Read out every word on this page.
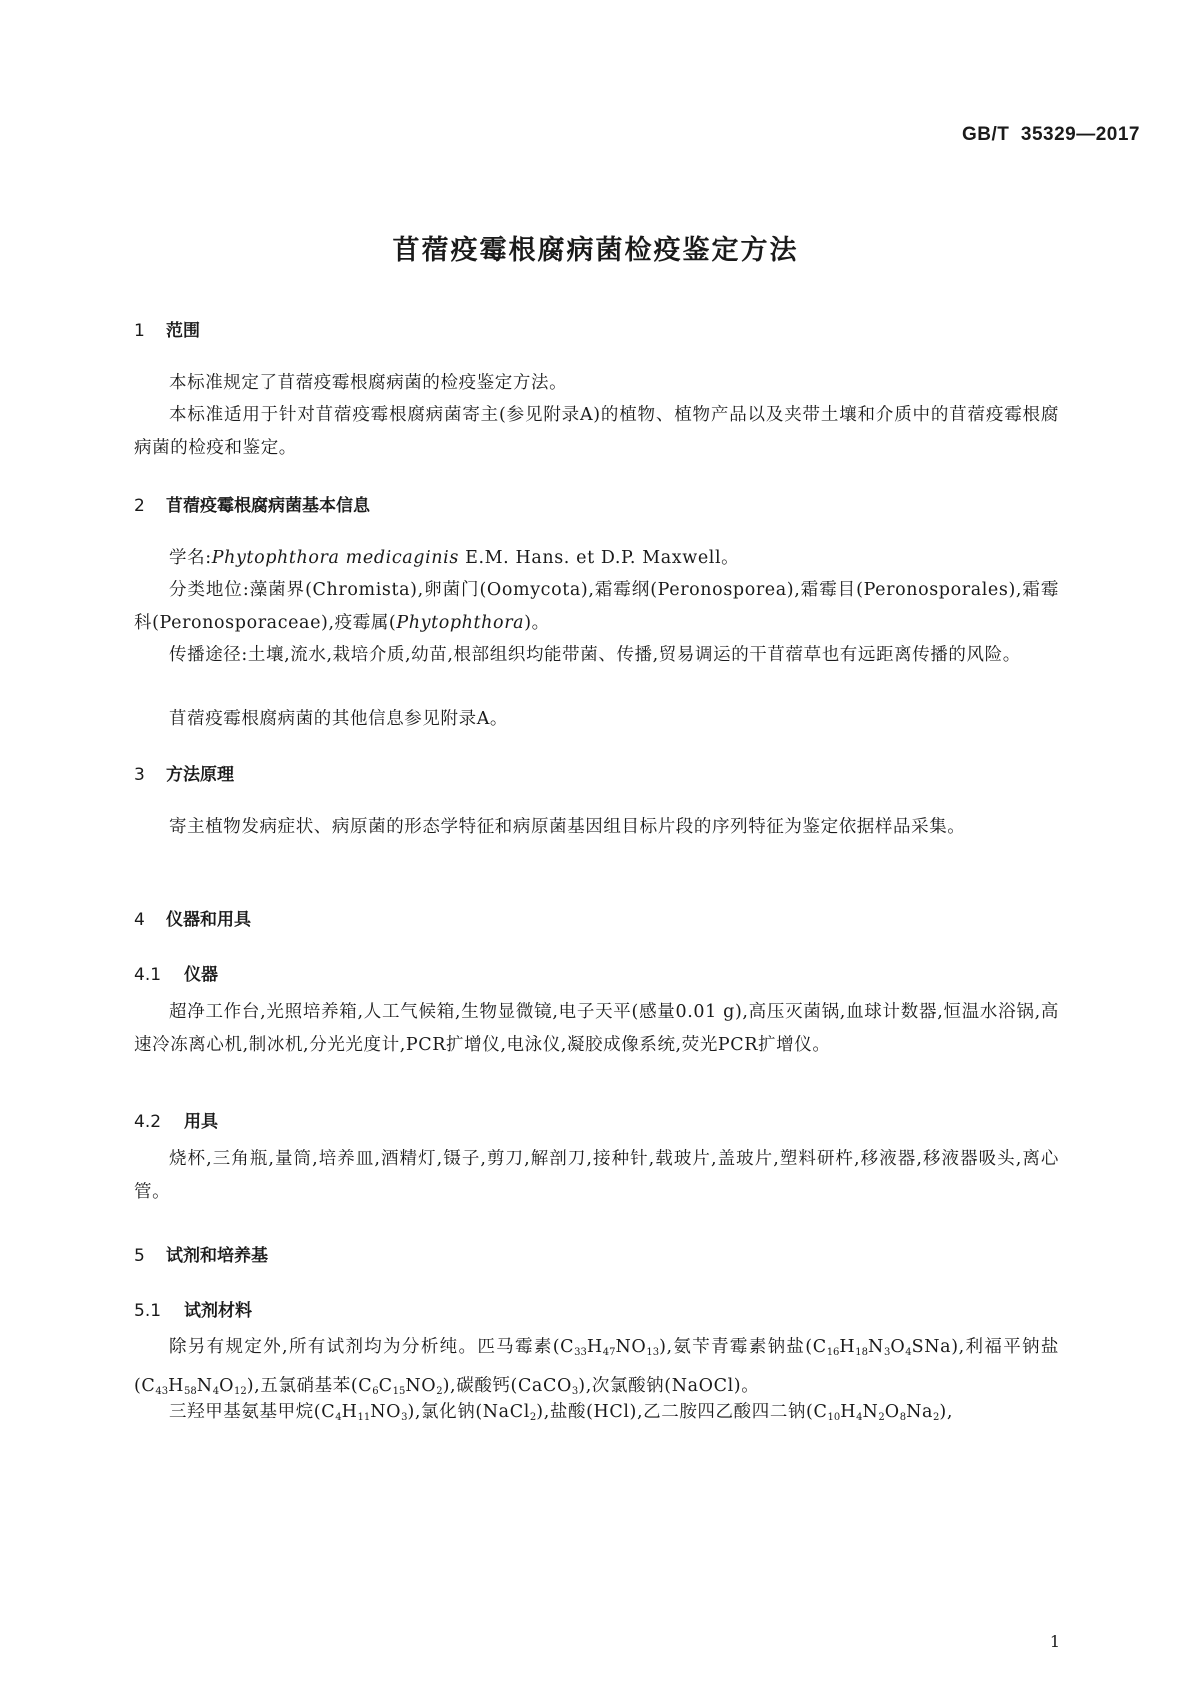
GB/T 35329—2017
苜蓿疫霉根腐病菌检疫鉴定方法
1 范围

本标准规定了苜蓿疫霉根腐病菌的检疫鉴定方法。

本标准适用于针对苜蓿疫霉根腐病菌寄主(参见附录A)的植物、植物产品以及夹带土壤和介质中的苜蓿疫霉根腐病菌的检疫和鉴定。

2 苜蓿疫霉根腐病菌基本信息

学名:Phytophthora medicaginis E.M. Hans. et D.P. Maxwell。

分类地位:藻菌界(Chromista),卵菌门(Oomycota),霜霉纲(Peronosporea),霜霉目(Peronosporales),霜霉科(Peronosporaceae),疫霉属(Phytophthora)。

传播途径:土壤,流水,栽培介质,幼苗,根部组织均能带菌、传播,贸易调运的干苜蓿草也有远距离传播的风险。

苜蓿疫霉根腐病菌的其他信息参见附录A。

3 方法原理

寄主植物发病症状、病原菌的形态学特征和病原菌基因组目标片段的序列特征为鉴定依据样品采集。

4 仪器和用具
4.1 仪器

超净工作台,光照培养箱,人工气候箱,生物显微镜,电子天平(感量0.01 g),高压灭菌锅,血球计数器,恒温水浴锅,高速冷冻离心机,制冰机,分光光度计,PCR扩增仪,电泳仪,凝胶成像系统,荧光PCR扩增仪。

4.2 用具

烧杯,三角瓶,量筒,培养皿,酒精灯,镊子,剪刀,解剖刀,接种针,载玻片,盖玻片,塑料研杵,移液器,移液器吸头,离心管。

5 试剂和培养基
5.1 试剂材料

除另有规定外,所有试剂均为分析纯。匹马霉素$(C_{33}H_{47}NO_{13})$,氨苄青霉素钠盐$(C_{16}H_{18}N_3O_4SNa)$,利福平钠盐$(C_{43}H_{58}N_4O_{12})$,五氯硝基苯$(C_6C_{15}NO_2)$,碳酸钙(CaCO$_3$),次氯酸钠(NaOCl)。

三羟甲基氨基甲烷$(C_4H_{11}NO_3)$,氯化钠(NaCl$_2$),盐酸(HCl),乙二胺四乙酸四二钠$(C_{10}H_4N_2O_8Na_2)$,

1
